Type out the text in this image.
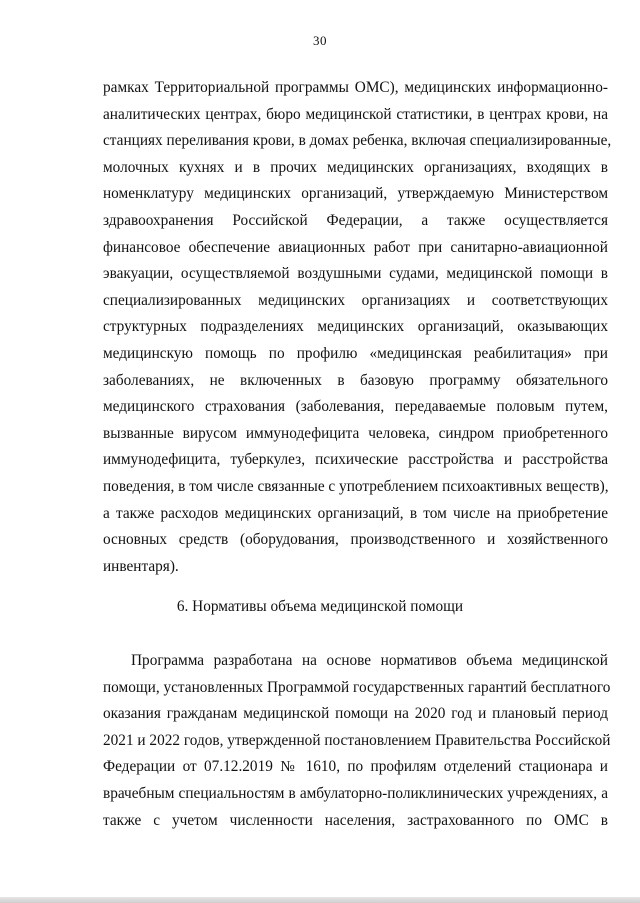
30

рамках Территориальной программы ОМС), медицинских информационно-
аналитических центрах, бюро медицинской статистики, в центрах крови, на
станциях переливания крови, в домах ребенка, включая специализированные,
молочных кухнях и в прочих медицинских организациях, входящих в
номенклатуру медицинских организаций, утверждаемую Министерством
здравоохранения Российской Федерации, а также осуществляется
финансовое обеспечение авиационных работ при санитарно-авиационной
эвакуации, осуществляемой воздушными судами, медицинской помощи в
специализированных медицинских организациях и соответствующих
структурных подразделениях медицинских организаций, оказывающих
медицинскую помощь по профилю «медицинская реабилитация» при
заболеваниях, не включенных в базовую программу обязательного
медицинского страхования (заболевания, передаваемые половым путем,
вызванные вирусом иммунодефицита человека, синдром приобретенного
иммунодефицита, туберкулез, психические расстройства и расстройства
поведения, в том числе связанные с употреблением психоактивных веществ),
а также расходов медицинских организаций, в том числе на приобретение
основных средств (оборудования, производственного и хозяйственного
инвентаря).

6. Нормативы объема медицинской помощи

Программа разработана на основе нормативов объема медицинской
помощи, установленных Программой государственных гарантий бесплатного
оказания гражданам медицинской помощи на 2020 год и плановый период
2021 и 2022 годов, утвержденной постановлением Правительства Российской
Федерации от 07.12.2019 № 1610, по профилям отделений стационара и
врачебным специальностям в амбулаторно-поликлинических учреждениях, а
также с учетом численности населения, застрахованного по ОМС в
